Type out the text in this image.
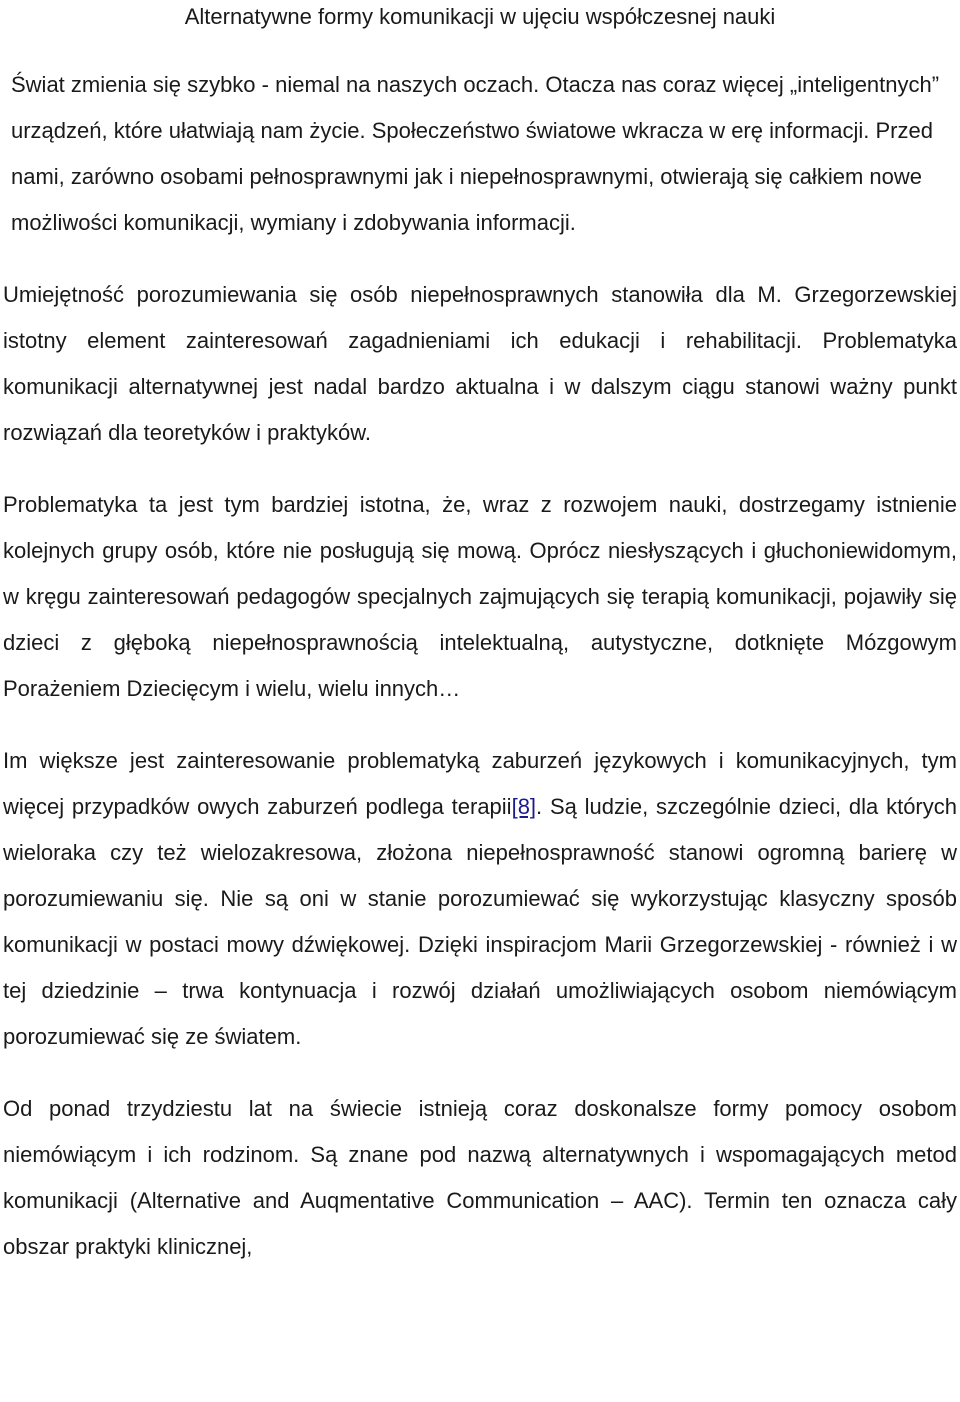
Alternatywne formy komunikacji w ujęciu współczesnej nauki

Świat zmienia się szybko - niemal na naszych oczach. Otacza nas coraz więcej „inteligentnych” urządzeń, które ułatwiają nam życie. Społeczeństwo światowe wkracza w erę informacji. Przed nami, zarówno osobami pełnosprawnymi jak i niepełnosprawnymi, otwierają się całkiem nowe możliwości komunikacji, wymiany i zdobywania informacji.

Umiejętność porozumiewania się osób niepełnosprawnych stanowiła dla M. Grzegorzewskiej istotny element zainteresowań zagadnieniami ich edukacji i rehabilitacji. Problematyka komunikacji alternatywnej jest nadal bardzo aktualna i w dalszym ciągu stanowi ważny punkt rozwiązań dla teoretyków i praktyków.

Problematyka ta jest tym bardziej istotna, że, wraz z rozwojem nauki, dostrzegamy istnienie kolejnych grupy osób, które nie posługują się mową. Oprócz niesłyszących i głuchoniewidomym, w kręgu zainteresowań pedagogów specjalnych zajmujących się terapią komunikacji, pojawiły się dzieci z głęboką niepełnosprawnością intelektualną, autystyczne, dotknięte Mózgowym Porażeniem Dziecięcym i wielu, wielu innych…

Im większe jest zainteresowanie problematyką zaburzeń językowych i komunikacyjnych, tym więcej przypadków owych zaburzeń podlega terapii[8]. Są ludzie, szczególnie dzieci, dla których wieloraka czy też wielozakresowa, złożona niepełnosprawność stanowi ogromną barierę w porozumiewaniu się. Nie są oni w stanie porozumiewać się wykorzystując klasyczny sposób komunikacji w postaci mowy dźwiękowej. Dzięki inspiracjom Marii Grzegorzewskiej - również i w tej dziedzinie – trwa kontynuacja i rozwój działań umożliwiających osobom niemówiącym porozumiewać się ze światem.

Od ponad trzydziestu lat na świecie istnieją coraz doskonalsze formy pomocy osobom niemówiącym i ich rodzinom. Są znane pod nazwą alternatywnych i wspomagających metod komunikacji (Alternative and Auqmentative Communication – AAC). Termin ten oznacza cały obszar praktyki klinicznej,
